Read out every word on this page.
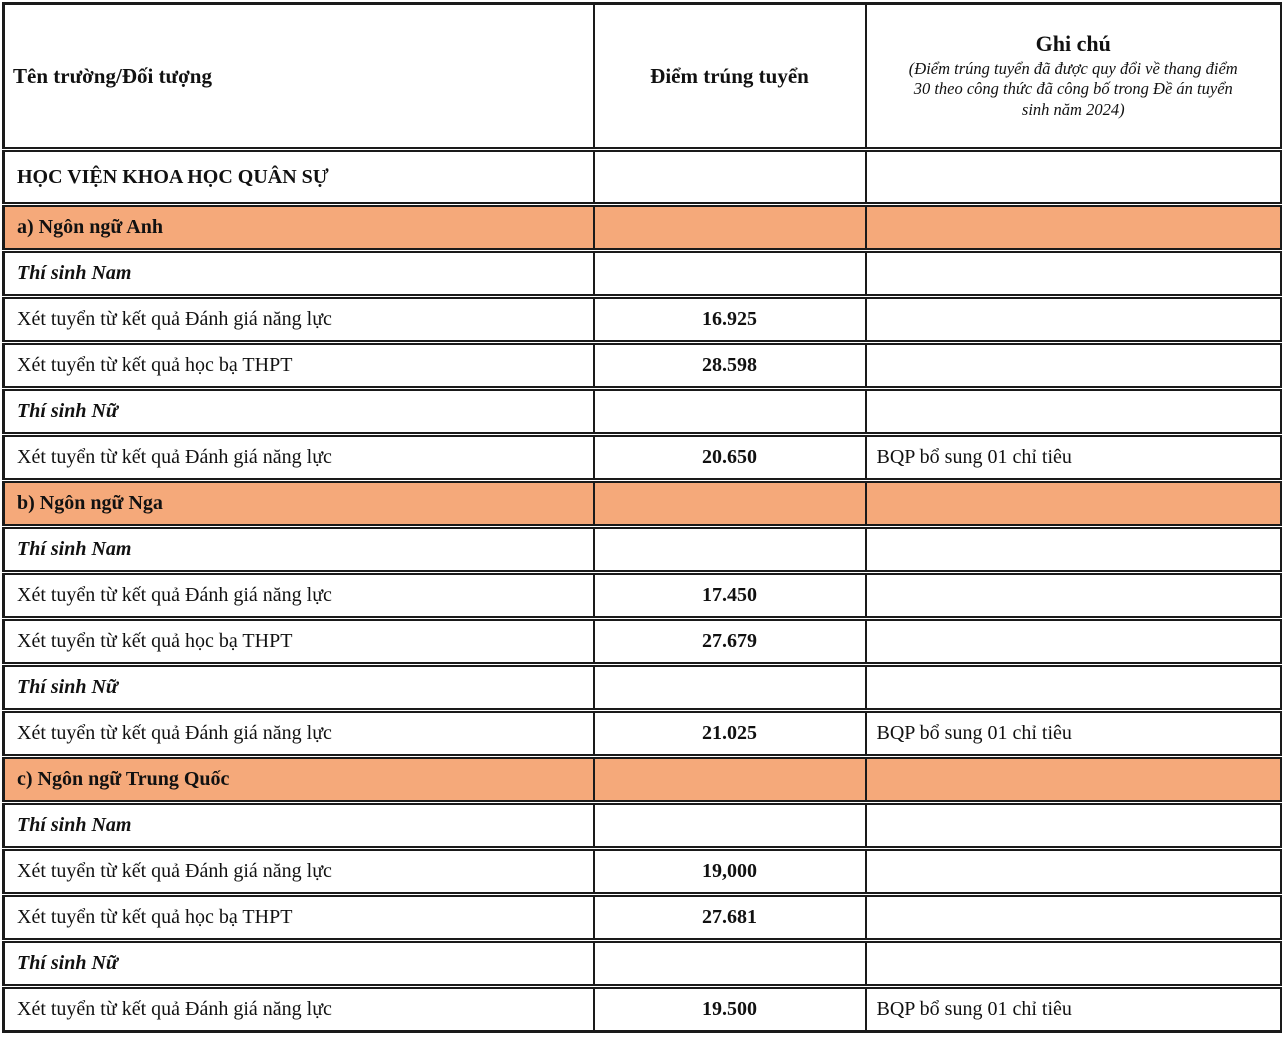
Tên trường/Đối tượng	Điểm trúng tuyển	Ghi chú
(Điểm trúng tuyển đã được quy đổi về thang điểm 30 theo công thức đã công bố trong Đề án tuyển sinh năm 2024)

HỌC VIỆN KHOA HỌC QUÂN SỰ		
a) Ngôn ngữ Anh		
Thí sinh Nam		
Xét tuyển từ kết quả Đánh giá năng lực	16.925	
Xét tuyển từ kết quả học bạ THPT	28.598	
Thí sinh Nữ		
Xét tuyển từ kết quả Đánh giá năng lực	20.650	BQP bổ sung 01 chỉ tiêu
b) Ngôn ngữ Nga		
Thí sinh Nam		
Xét tuyển từ kết quả Đánh giá năng lực	17.450	
Xét tuyển từ kết quả học bạ THPT	27.679	
Thí sinh Nữ		
Xét tuyển từ kết quả Đánh giá năng lực	21.025	BQP bổ sung 01 chỉ tiêu
c) Ngôn ngữ Trung Quốc		
Thí sinh Nam		
Xét tuyển từ kết quả Đánh giá năng lực	19,000	
Xét tuyển từ kết quả học bạ THPT	27.681	
Thí sinh Nữ		
Xét tuyển từ kết quả Đánh giá năng lực	19.500	BQP bổ sung 01 chỉ tiêu
